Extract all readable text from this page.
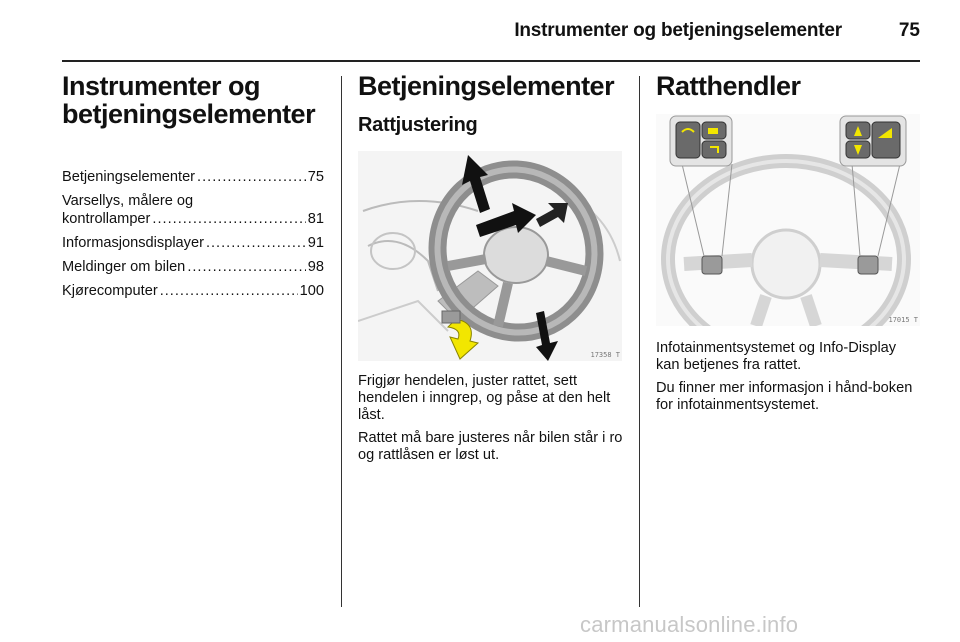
Instrumenter og betjeningselementer	75
Instrumenter og
betjeningselementer
Betjeningselementer .....	75
Varsellys, målere og
kontrollamper .....	81
Informasjonsdisplayer .....	91
Meldinger om bilen .....	98
Kjørecomputer .....	100
Betjeningselementer
Rattjustering
17358 T

Frigjør hendelen, juster rattet, sett hendelen i inngrep, og påse at den helt låst.

Rattet må bare justeres når bilen står i ro og rattlåsen er løst ut.

Ratthendler
17015 T

Infotainmentsystemet og Info-Display kan betjenes fra rattet.

Du finner mer informasjon i hånd-boken for infotainmentsystemet.

carmanualsonline.info
